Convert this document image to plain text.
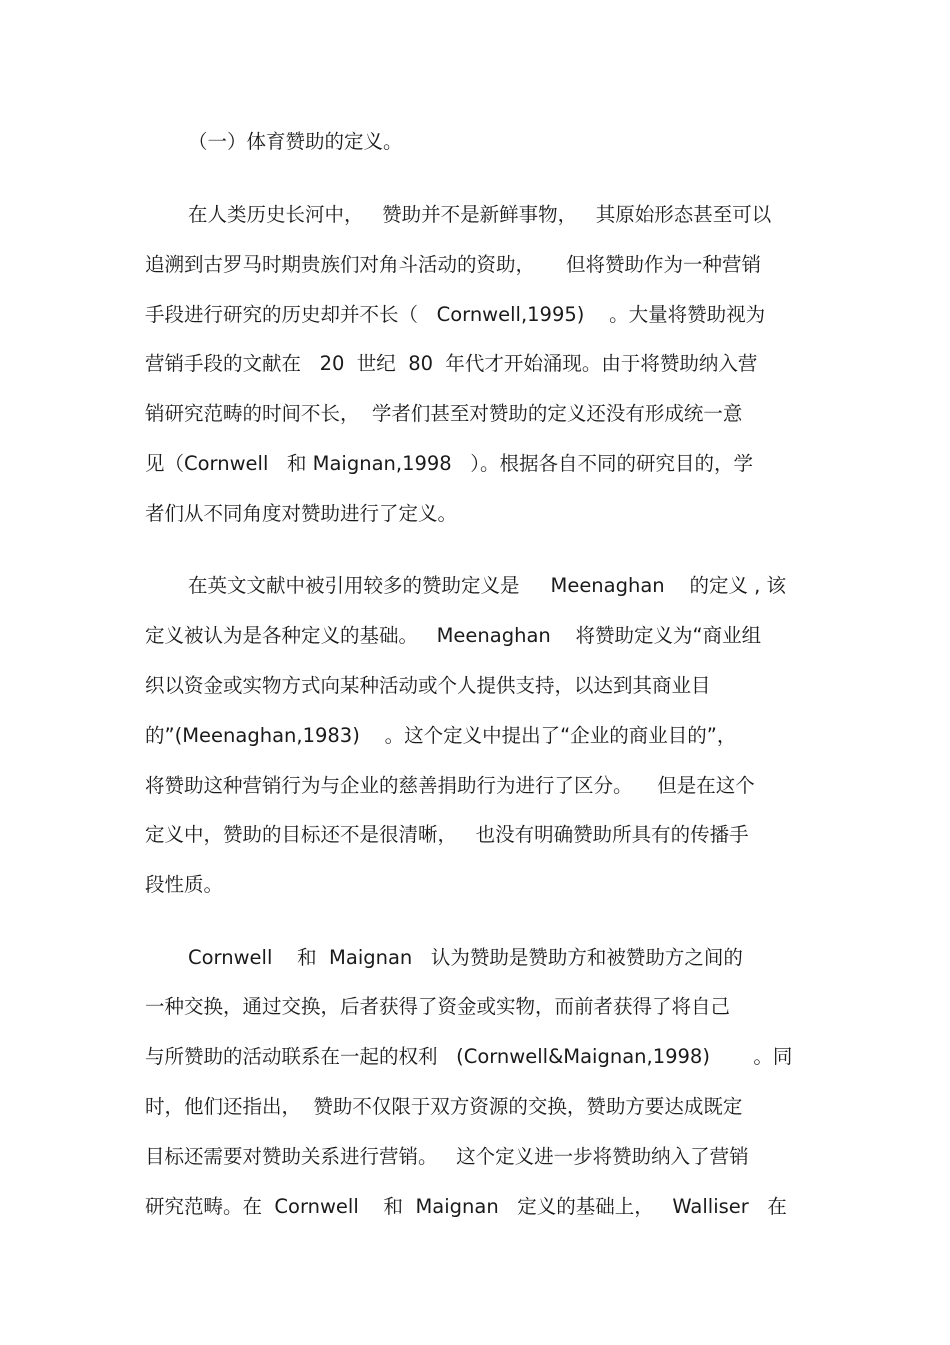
（一）体育赞助的定义。
在人类历史长河中，   赞助并不是新鲜事物，   其原始形态甚至可以
追溯到古罗马时期贵族们对角斗活动的资助，     但将赞助作为一种营销
手段进行研究的历史却并不长（   Cornwell,1995)    。大量将赞助视为
营销手段的文献在   20  世纪  80  年代才开始涌现。由于将赞助纳入营
销研究范畴的时间不长，  学者们甚至对赞助的定义还没有形成统一意
见（Cornwell   和 Maignan,1998   ）。根据各自不同的研究目的，学
者们从不同角度对赞助进行了定义。
在英文文献中被引用较多的赞助定义是     Meenaghan    的定义 , 该
定义被认为是各种定义的基础。   Meenaghan    将赞助定义为“商业组
织以资金或实物方式向某种活动或个人提供支持，以达到其商业目
的”(Meenaghan,1983)    。这个定义中提出了“企业的商业目的”，
将赞助这种营销行为与企业的慈善捐助行为进行了区分。    但是在这个
定义中，赞助的目标还不是很清晰，   也没有明确赞助所具有的传播手
段性质。
Cornwell    和  Maignan   认为赞助是赞助方和被赞助方之间的
一种交换，通过交换，后者获得了资金或实物，而前者获得了将自己
与所赞助的活动联系在一起的权利   (Cornwell&Maignan,1998)       。同
时，他们还指出，  赞助不仅限于双方资源的交换，赞助方要达成既定
目标还需要对赞助关系进行营销。   这个定义进一步将赞助纳入了营销
研究范畴。在  Cornwell    和  Maignan   定义的基础上，   Walliser   在
